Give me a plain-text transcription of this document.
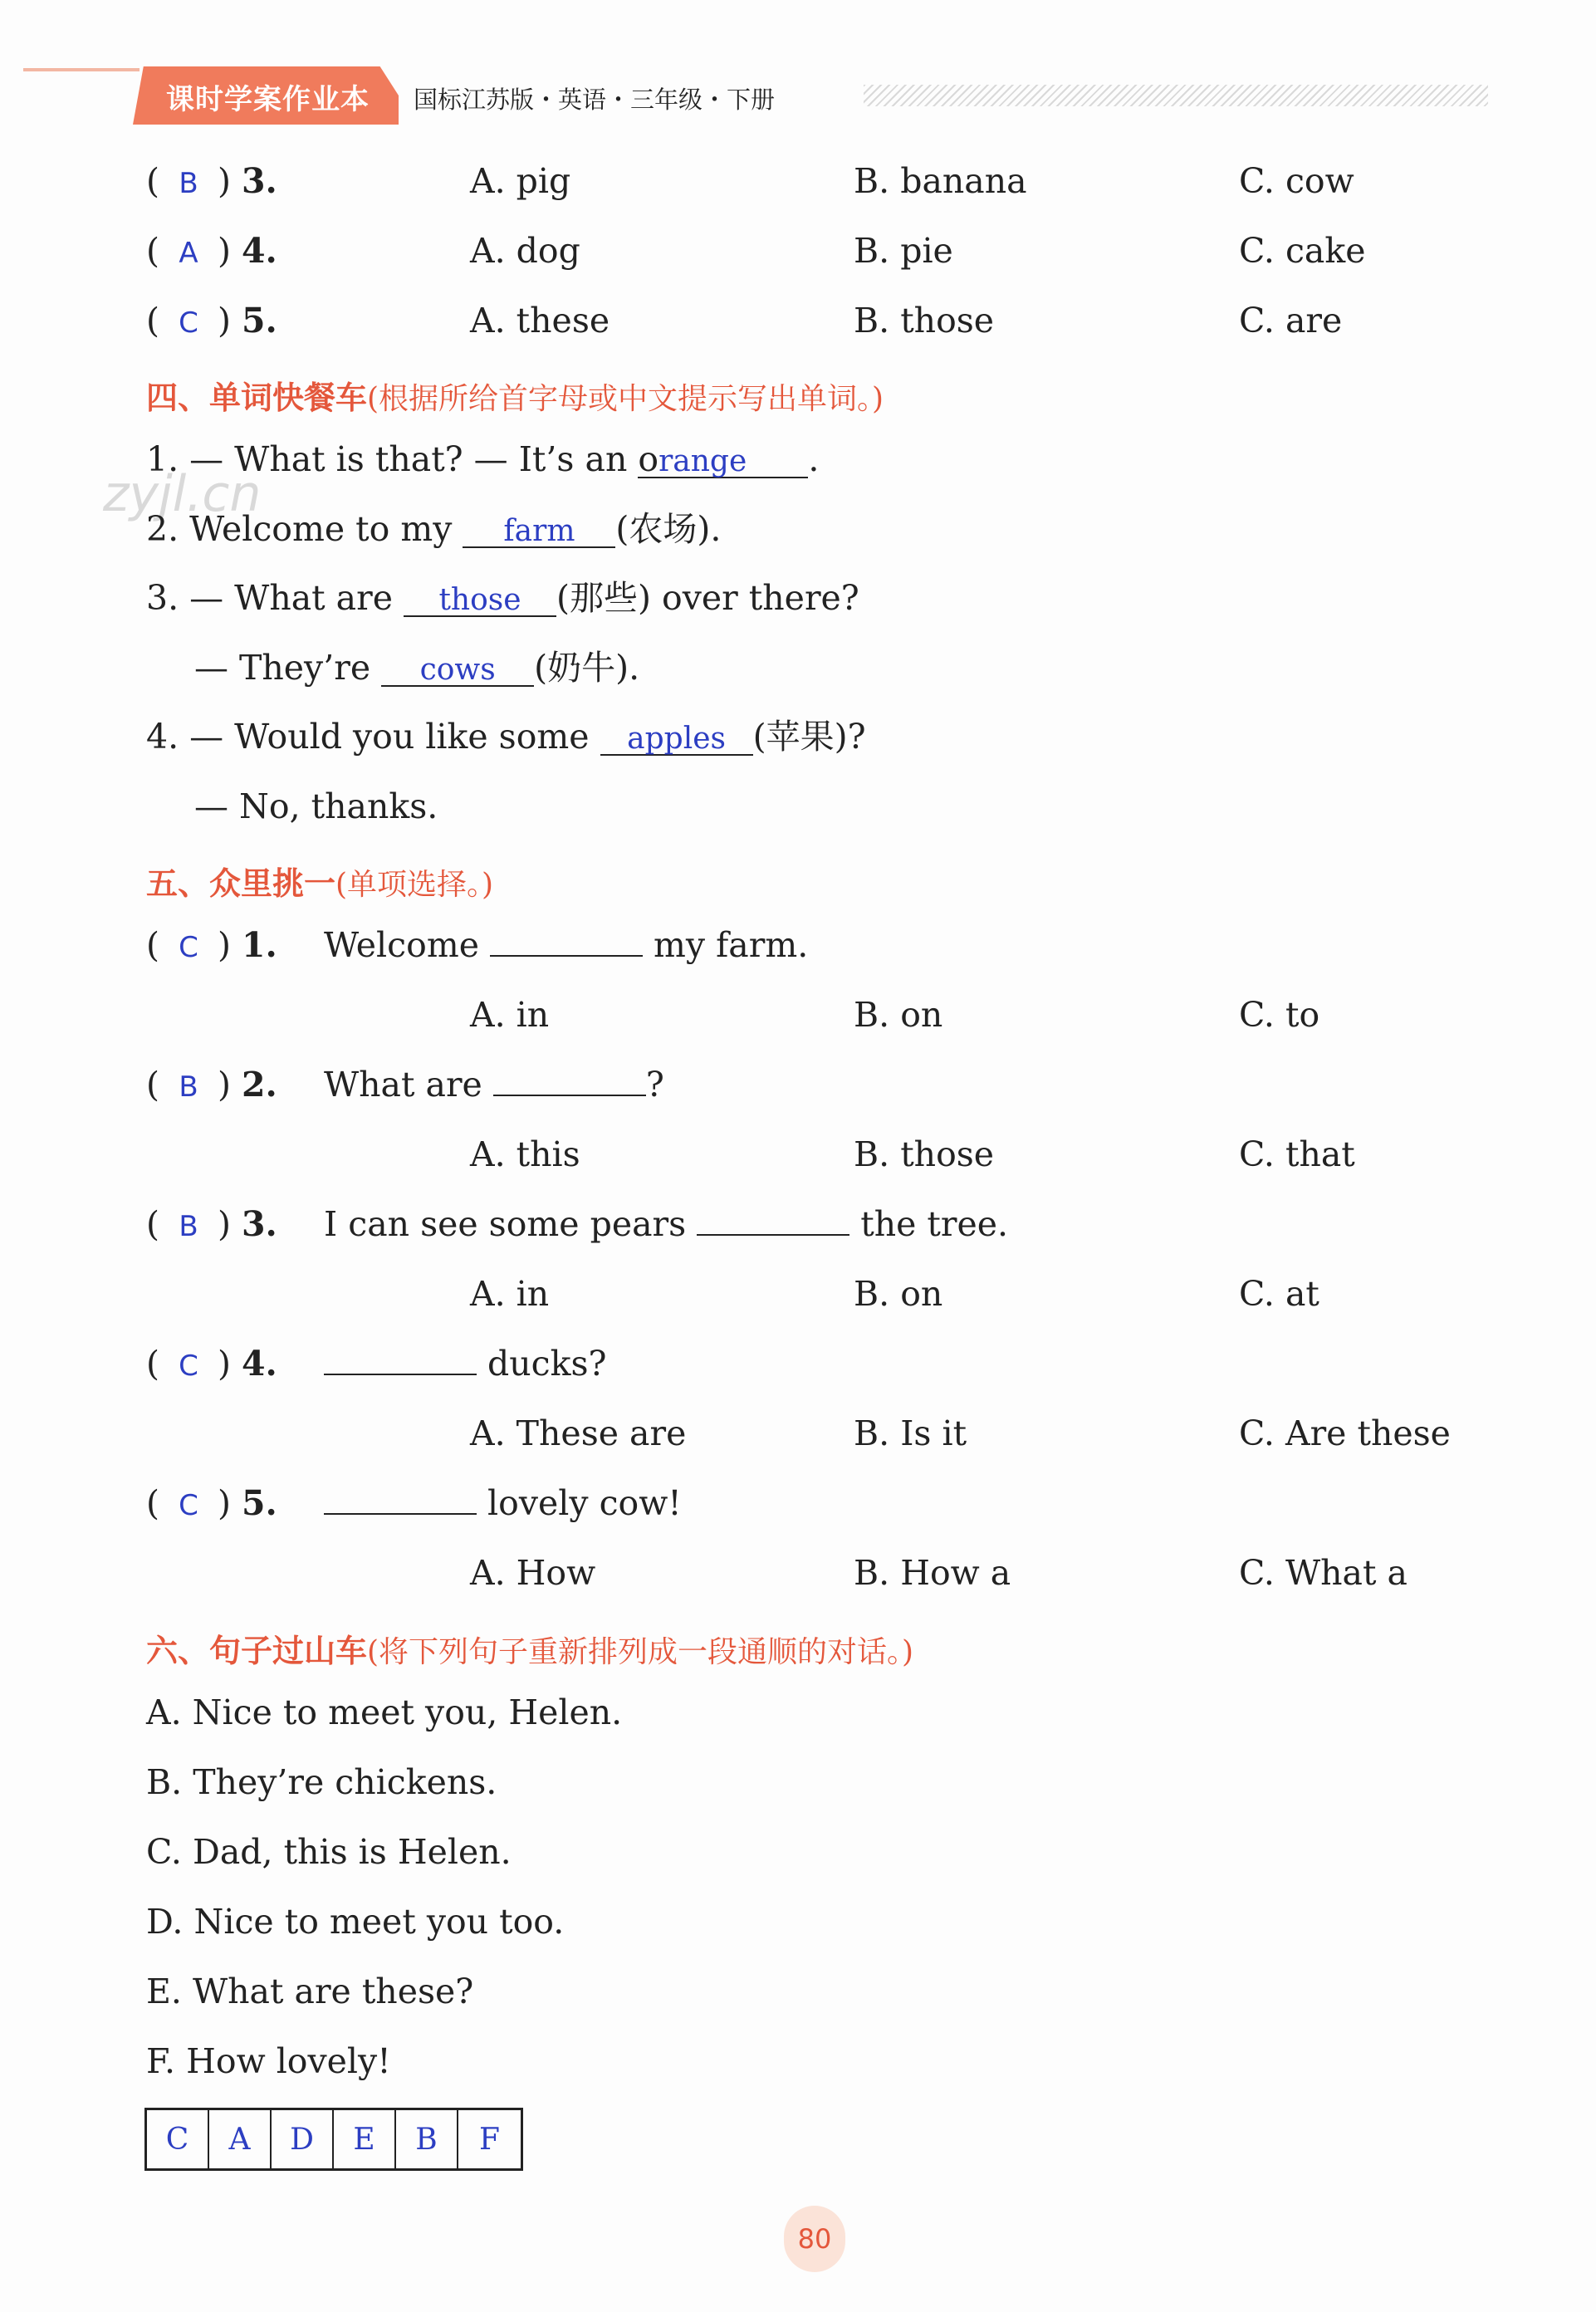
课时学案作业本 国标江苏版・英语・三年级・下册
zyjl.cn
( B ) 3.	A. pig	B. banana	C. cow
( A ) 4.	A. dog	B. pie	C. cake
( C ) 5.	A. these	B. those	C. are
四、单词快餐车(根据所给首字母或中文提示写出单词。)
1. — What is that? — It’s an orange .
2. Welcome to my farm (农场).
3. — What are those (那些) over there?
— They’re cows (奶牛).
4. — Would you like some apples (苹果)?
— No, thanks.
五、众里挑一(单项选择。)
( C ) 1. Welcome	my farm.
A. in	B. on	C. to
( B ) 2. What are	?
A. this	B. those	C. that
( B ) 3. I can see some pears	the tree.
A. in	B. on	C. at
( C ) 4.	ducks?
A. These are	B. Is it	C. Are these
( C ) 5.	lovely cow!
A. How	B. How a	C. What a
六、句子过山车(将下列句子重新排列成一段通顺的对话。)
A. Nice to meet you, Helen.
B. They’re chickens.
C. Dad, this is Helen.
D. Nice to meet you too.
E. What are these?
F. How lovely!
C	A	D	E	B	F
80
